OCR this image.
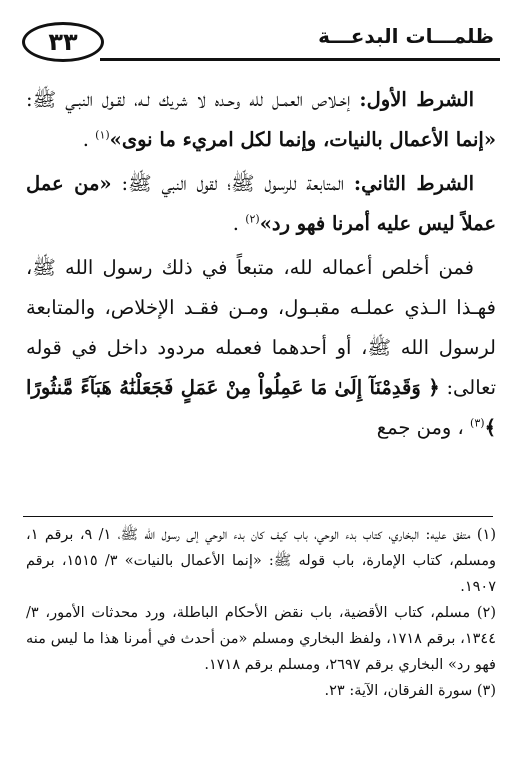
٣٣	ظلمـــات البدعـــة

الشرط الأول: إخـلاص العمـل لله وحـده لا شريك لـه، لقـول النبـي ﷺ: «إنما الأعمال بالنيات، وإنما لكل امريء ما نوى»$^{(١)}$ .

الشرط الثاني: المتابعة للرسول ﷺ؛ لقول النبي ﷺ: «من عمل عملاً ليس عليه أمرنا فهو رد»$^{(٢)}$ .

فمن أخلص أعماله لله، متبعاً في ذلك رسول الله ﷺ، فهـذا الـذي عملـه مقبـول، ومـن فقـد الإخلاص، والمتابعة لرسول الله ﷺ، أو أحدهما فعمله مردود داخل في قوله تعالى: ﴿ وَقَدِمْنَآ إِلَىٰ مَا عَمِلُواْ مِنْ عَمَلٍ فَجَعَلْنَٰهُ هَبَآءً مَّنثُورًا ﴾$^{(٣)}$ ، ومن جمع

(١) متفق عليه: البخاري، كتاب بدء الوحي، باب كيف كان بدء الوحي إلى رسول الله ﷺ، ١/ ٩، برقم ١، ومسلم، كتاب الإمارة، باب قوله ﷺ: «إنما الأعمال بالنيات» ٣/ ١٥١٥، برقم ١٩٠٧.

(٢) مسلم، كتاب الأقضية، باب نقض الأحكام الباطلة، ورد محدثات الأمور، ٣/ ١٣٤٤، برقم ١٧١٨، ولفظ البخاري ومسلم «من أحدث في أمرنا هذا ما ليس منه فهو رد» البخاري برقم ٢٦٩٧، ومسلم برقم ١٧١٨.

(٣) سورة الفرقان، الآية: ٢٣.
